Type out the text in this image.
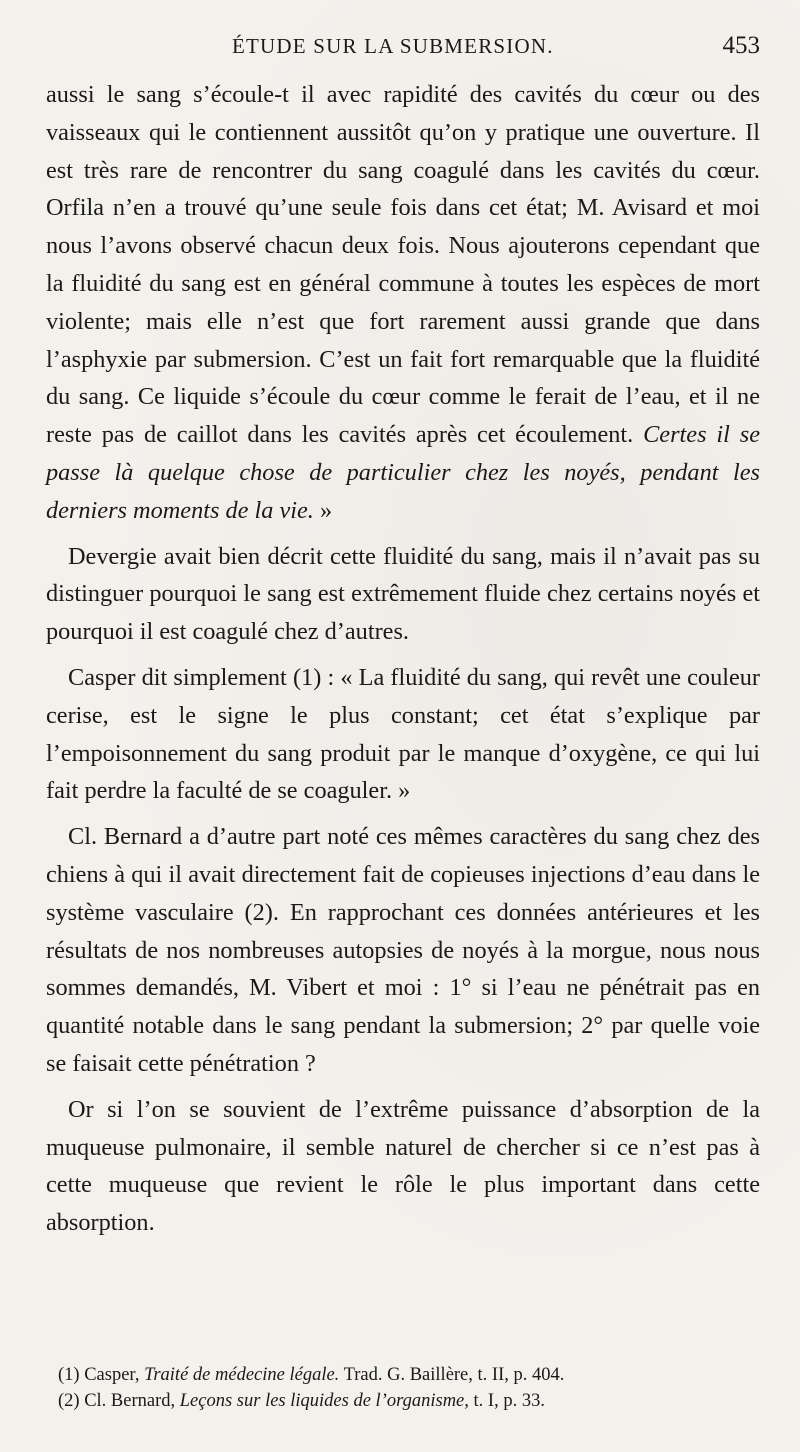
ÉTUDE SUR LA SUBMERSION.	453

aussi le sang s’écoule-t il avec rapidité des cavités du cœur ou des vaisseaux qui le contiennent aussitôt qu’on y pratique une ouverture. Il est très rare de rencontrer du sang coagulé dans les cavités du cœur. Orfila n’en a trouvé qu’une seule fois dans cet état; M. Avisard et moi nous l’avons observé chacun deux fois. Nous ajouterons cependant que la fluidité du sang est en général commune à toutes les espèces de mort violente; mais elle n’est que fort rarement aussi grande que dans l’asphyxie par submersion. C’est un fait fort remarquable que la fluidité du sang. Ce liquide s’écoule du cœur comme le ferait de l’eau, et il ne reste pas de caillot dans les cavités après cet écoulement. Certes il se passe là quelque chose de particulier chez les noyés, pendant les derniers moments de la vie. »

Devergie avait bien décrit cette fluidité du sang, mais il n’avait pas su distinguer pourquoi le sang est extrêmement fluide chez certains noyés et pourquoi il est coagulé chez d’autres.

Casper dit simplement (1) : « La fluidité du sang, qui revêt une couleur cerise, est le signe le plus constant; cet état s’explique par l’empoisonnement du sang produit par le manque d’oxygène, ce qui lui fait perdre la faculté de se coaguler. »

Cl. Bernard a d’autre part noté ces mêmes caractères du sang chez des chiens à qui il avait directement fait de copieuses injections d’eau dans le système vasculaire (2). En rapprochant ces données antérieures et les résultats de nos nombreuses autopsies de noyés à la morgue, nous nous sommes demandés, M. Vibert et moi : 1° si l’eau ne pénétrait pas en quantité notable dans le sang pendant la submersion; 2° par quelle voie se faisait cette pénétration ?

Or si l’on se souvient de l’extrême puissance d’absorption de la muqueuse pulmonaire, il semble naturel de chercher si ce n’est pas à cette muqueuse que revient le rôle le plus important dans cette absorption.

(1) Casper, Traité de médecine légale. Trad. G. Baillère, t. II, p. 404.
(2) Cl. Bernard, Leçons sur les liquides de l’organisme, t. I, p. 33.
